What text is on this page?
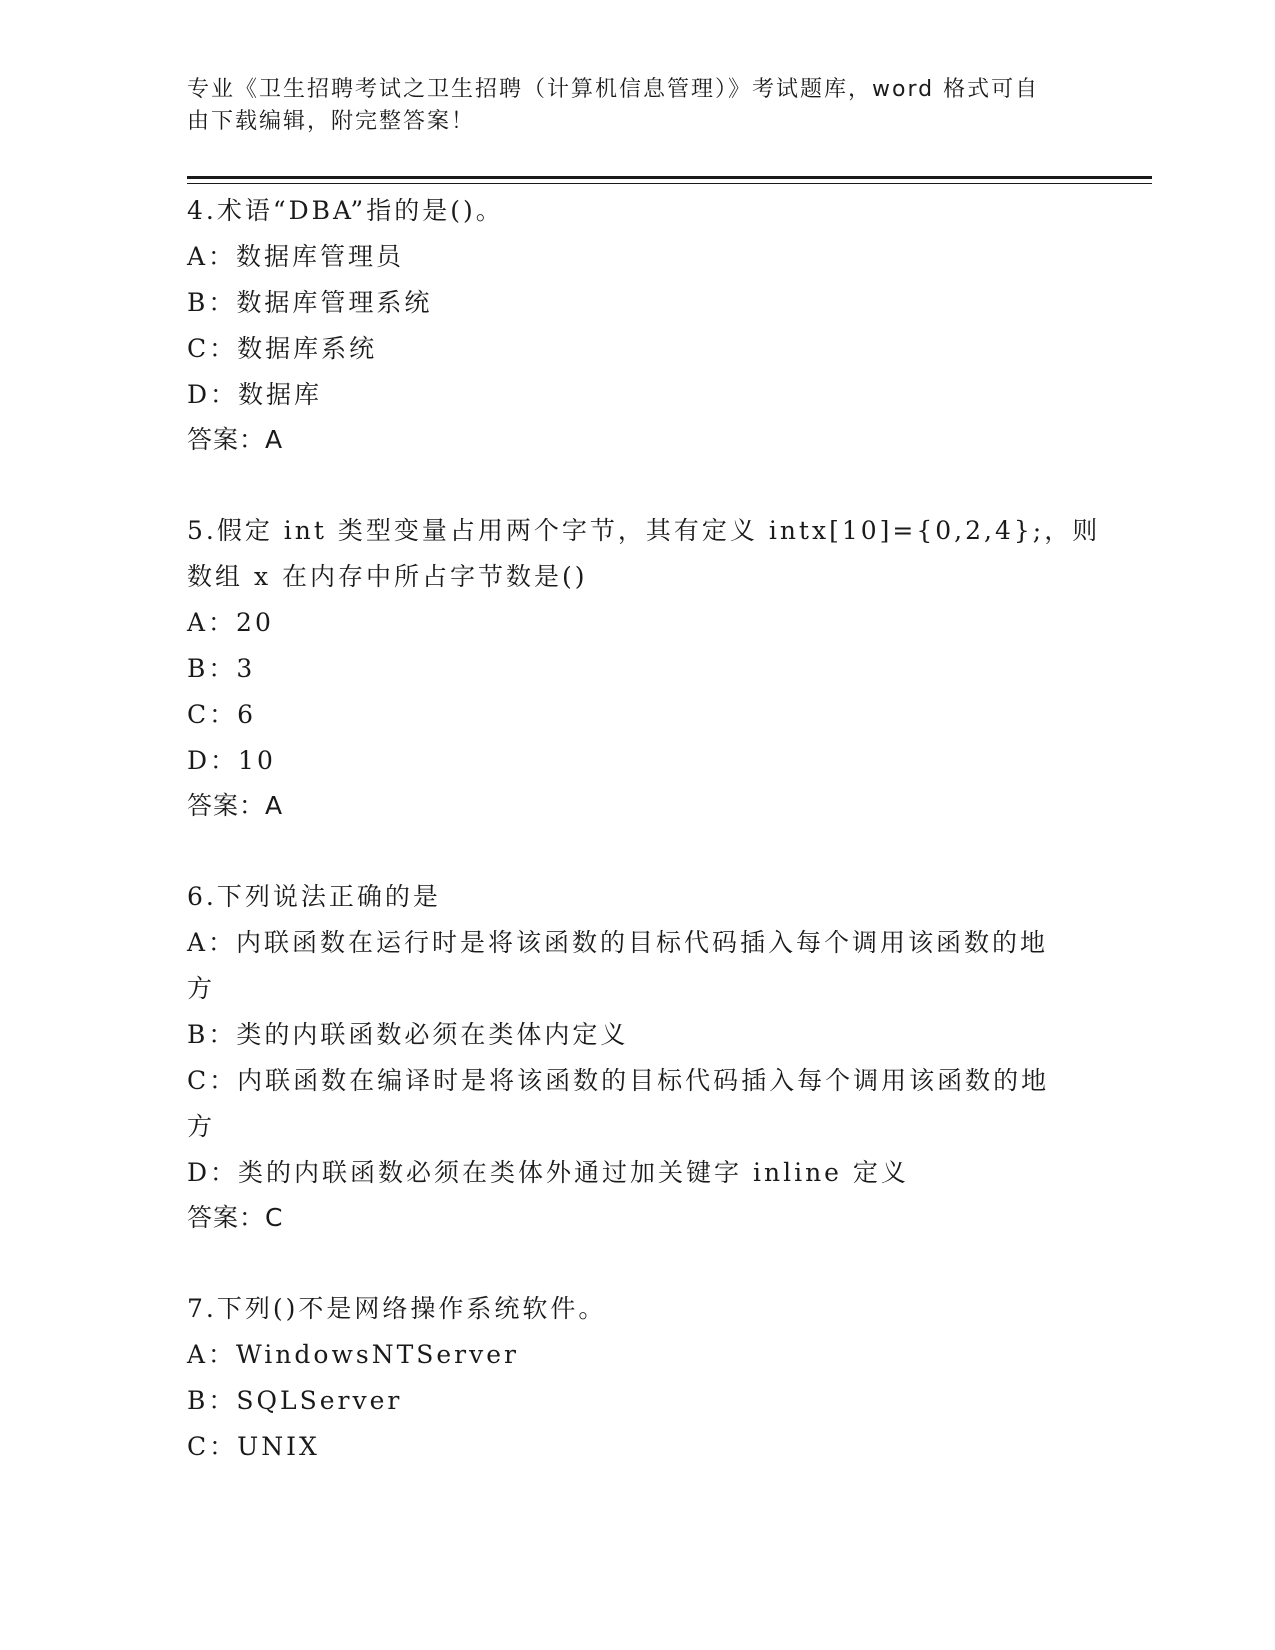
专业《卫生招聘考试之卫生招聘（计算机信息管理）》考试题库，word 格式可自
由下载编辑，附完整答案！
4.术语“DBA”指的是()。
A：数据库管理员
B：数据库管理系统
C：数据库系统
D：数据库
答案：A
5.假定 int 类型变量占用两个字节，其有定义 intx[10]={0,2,4};，则
数组 x 在内存中所占字节数是()
A：20
B：3
C：6
D：10
答案：A
6.下列说法正确的是
A：内联函数在运行时是将该函数的目标代码插入每个调用该函数的地
方
B：类的内联函数必须在类体内定义
C：内联函数在编译时是将该函数的目标代码插入每个调用该函数的地
方
D：类的内联函数必须在类体外通过加关键字 inline 定义
答案：C
7.下列()不是网络操作系统软件。
A：WindowsNTServer
B：SQLServer
C：UNIX
